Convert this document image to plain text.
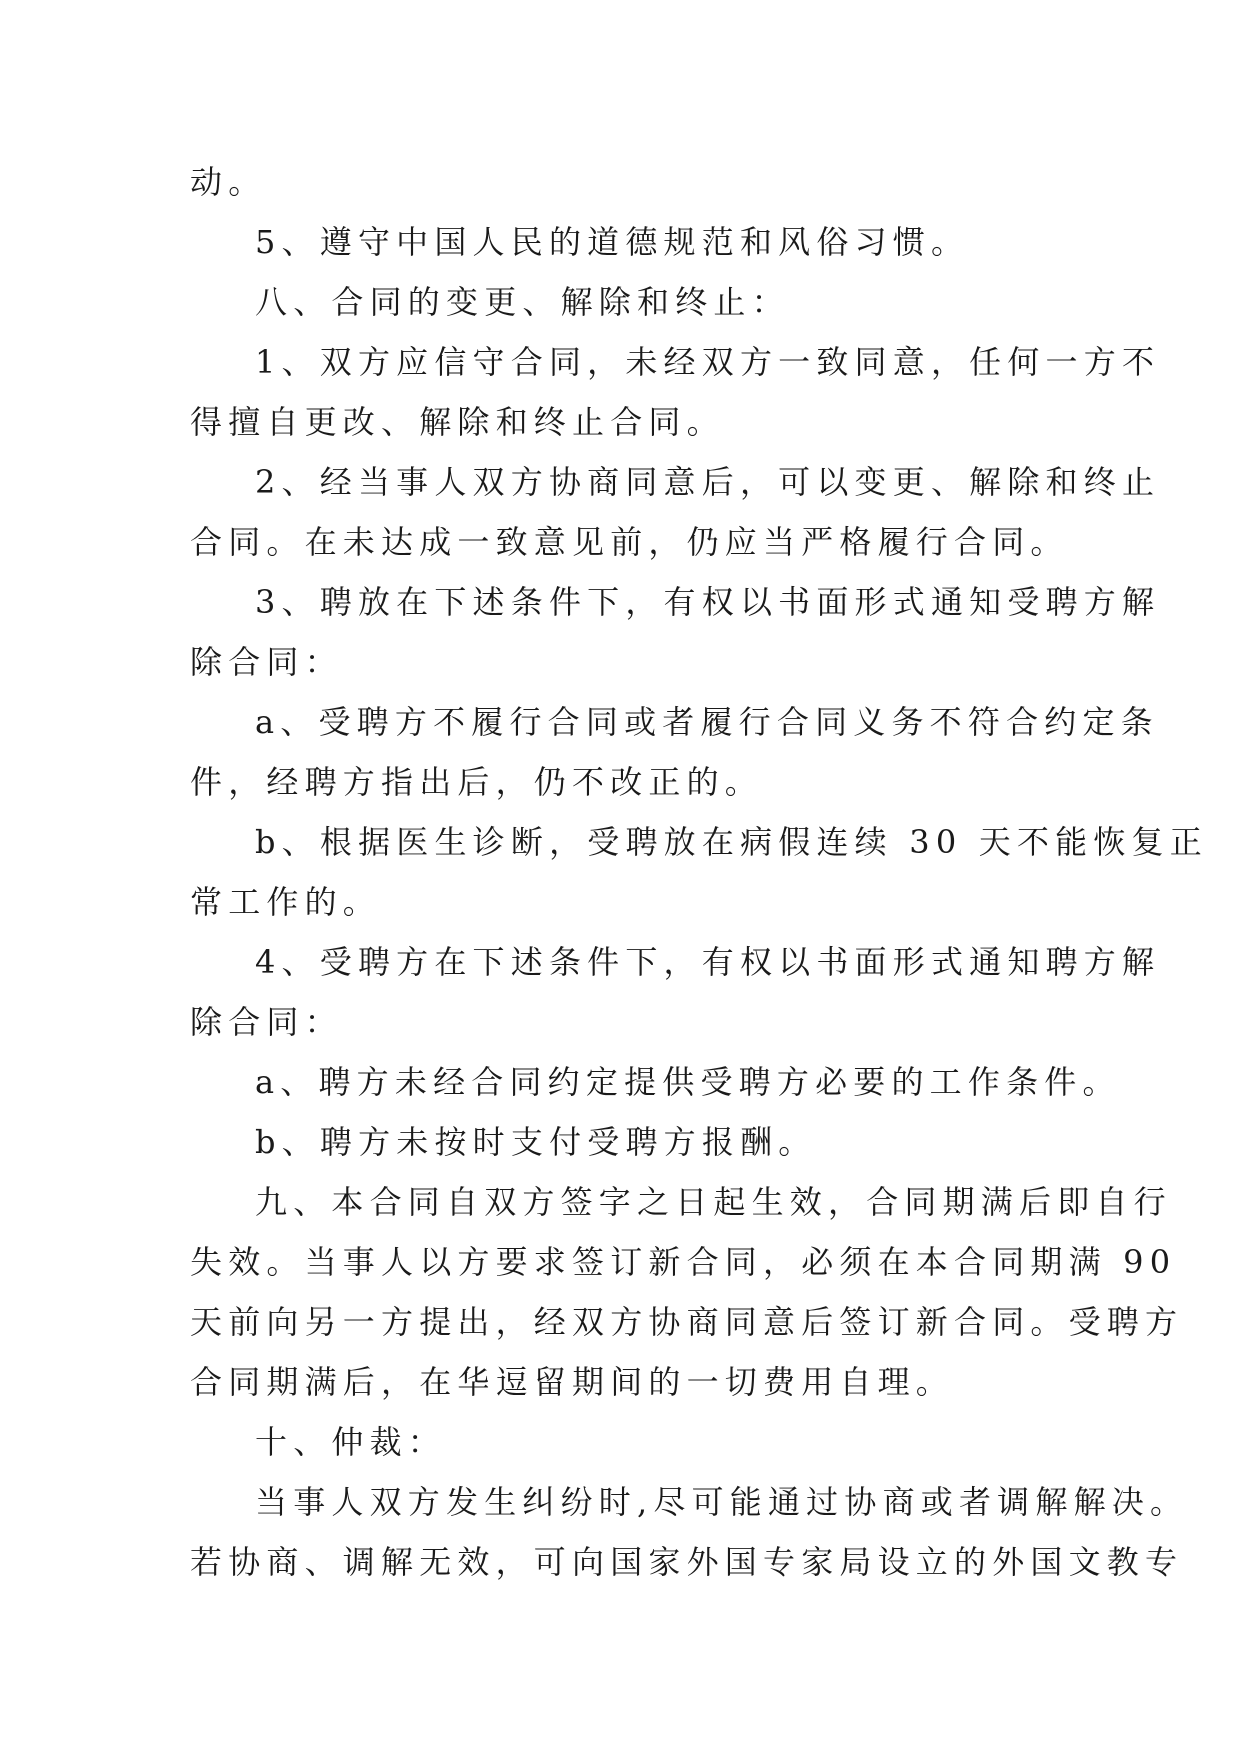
动。
5、遵守中国人民的道德规范和风俗习惯。
八、合同的变更、解除和终止：
1、双方应信守合同，未经双方一致同意，任何一方不
得擅自更改、解除和终止合同。
2、经当事人双方协商同意后，可以变更、解除和终止
合同。在未达成一致意见前，仍应当严格履行合同。
3、聘放在下述条件下，有权以书面形式通知受聘方解
除合同：
a、受聘方不履行合同或者履行合同义务不符合约定条
件，经聘方指出后，仍不改正的。
b、根据医生诊断，受聘放在病假连续 30 天不能恢复正
常工作的。
4、受聘方在下述条件下，有权以书面形式通知聘方解
除合同：
a、聘方未经合同约定提供受聘方必要的工作条件。
b、聘方未按时支付受聘方报酬。
九、本合同自双方签字之日起生效，合同期满后即自行
失效。当事人以方要求签订新合同，必须在本合同期满 90
天前向另一方提出，经双方协商同意后签订新合同。受聘方
合同期满后，在华逗留期间的一切费用自理。
十、仲裁：
当事人双方发生纠纷时,尽可能通过协商或者调解解决。
若协商、调解无效，可向国家外国专家局设立的外国文教专
